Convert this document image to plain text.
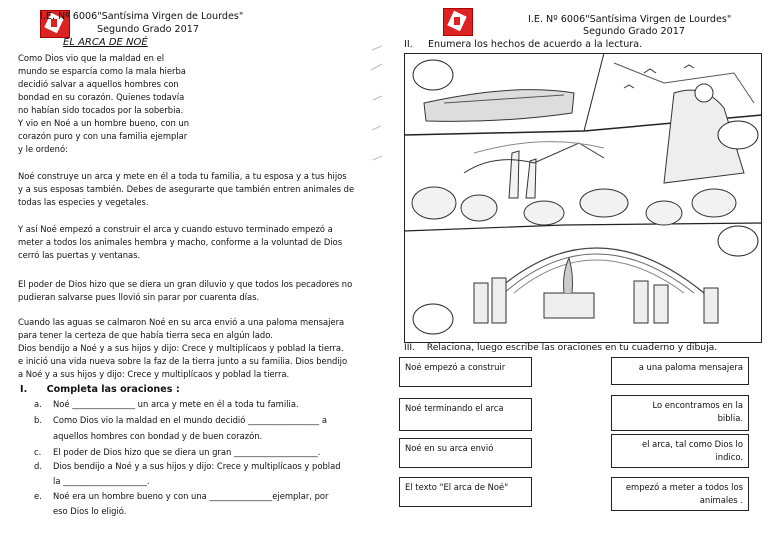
I.E. Nº 6006"Santísima Virgen de Lourdes"
Segundo Grado 2017
EL ARCA DE NOÉ
Como Dios vio que la maldad en el
mundo se esparcía como la mala hierba
decidió salvar a aquellos hombres con
bondad en su corazón. Quienes todavía
no habían sido tocados por la soberbia.
Y vio en Noé a un hombre bueno, con un
corazón puro y con una familia ejemplar
y le ordenó:
Noé construye un arca y mete en él a toda tu familia, a tu esposa y a tus hijos
y a sus esposas también. Debes de asegurarte que también entren animales de
todas las especies y vegetales.
Y así Noé empezó a construir el arca y cuando estuvo terminado empezó a
meter a todos los animales hembra y macho, conforme a la voluntad de Dios
cerró las puertas y ventanas.
El poder de Dios hizo que se diera un gran diluvio y que todos los pecadores no
pudieran salvarse pues llovió sin parar por cuarenta días.
Cuando las aguas se calmaron Noé en su arca envió a una paloma mensajera
para tener la certeza de que había tierra seca en algún lado.
Dios bendijo a Noé y a sus hijos y dijo: Crece y multiplícaos y poblad la tierra.
e inició una vida nueva sobre la faz de la tierra junto a su familia. Dios bendijo
a Noé y a sus hijos y dijo: Crece y multiplícaos y poblad la tierra.
I. Completa las oraciones :
a. Noé _______________ un arca y mete en él a toda tu familia.
b. Como Dios vio la maldad en el mundo decidió _________________ a
aquellos hombres con bondad y de buen corazón.
c. El poder de Dios hizo que se diera un gran ____________________.
d. Dios bendijo a Noé y a sus hijos y dijo: Crece y multiplícaos y poblad
la ____________________.
e. Noé era un hombre bueno y con una _______________ejemplar, por
eso Dios lo eligió.
I.E. Nº 6006"Santísima Virgen de Lourdes"
Segundo Grado 2017
II.     Enumera los hechos de acuerdo a la lectura.
III.    Relaciona, luego escribe las oraciones en tu cuaderno y dibuja.
Noé empezó a construir
Noé terminando el arca
Noé en su arca envió
El texto "El arca de Noé"
a una paloma mensajera
Lo encontramos en la
biblia.
el arca, tal como Dios lo
indico.
empezó a meter a todos los
animales .
